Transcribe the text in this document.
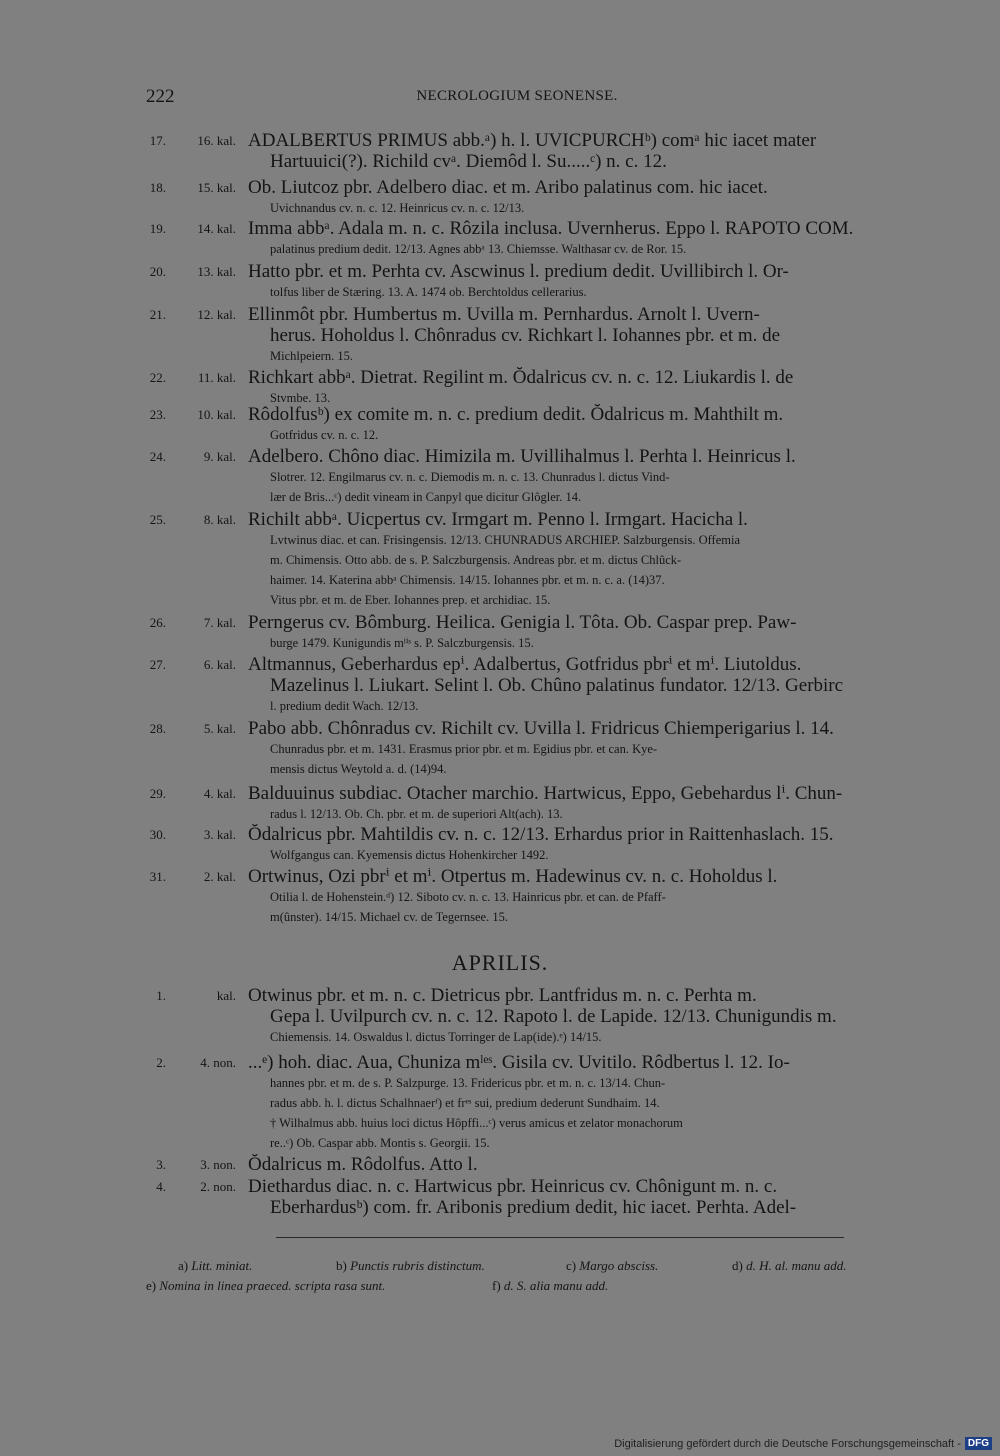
222	NECROLOGIUM SEONENSE.
17.	16. kal. ADALBERTUS PRIMUS abb.ᵃ) h. l. UVICPURCHᵇ) comᵃ hic iacet mater
Hartuuici(?). Richild cvᵃ. Diemôd l. Su.....ᶜ) n. c. 12.
18.	15. kal. Ob. Liutcoz pbr. Adelbero diac. et m. Aribo palatinus com. hic iacet.
Uvichnandus cv. n. c. 12. Heinricus cv. n. c. 12/13.
19.	14. kal. Imma abbᵃ. Adala m. n. c. Rôzila inclusa. Uvernherus. Eppo l. RAPOTO COM.
palatinus predium dedit. 12/13. Agnes abbᵃ 13. Chiemsse. Walthasar cv. de Ror. 15.
20.	13. kal. Hatto pbr. et m. Perhta cv. Ascwinus l. predium dedit. Uvillibirch l. Or-
tolfus liber de Stæring. 13. A. 1474 ob. Berchtoldus cellerarius.
21.	12. kal. Ellinmôt pbr. Humbertus m. Uvilla m. Pernhardus. Arnolt l. Uvern-
herus. Hoholdus l. Chônradus cv. Richkart l. Iohannes pbr. et m. de
Michlpeiern. 15.
22.	11. kal. Richkart abbᵃ. Dietrat. Regilint m. Ŏdalricus cv. n. c. 12. Liukardis l. de
Stvmbe. 13.
23.	10. kal. Rôdolfusᵇ) ex comite m. n. c. predium dedit. Ŏdalricus m. Mahthilt m.
Gotfridus cv. n. c. 12.
24.	9. kal. Adelbero. Chôno diac. Himizila m. Uvillihalmus l. Perhta l. Heinricus l.
Slotrer. 12. Engilmarus cv. n. c. Diemodis m. n. c. 13. Chunradus l. dictus Vind-
lær de Bris...ᶜ) dedit vineam in Canpyl que dicitur Glôgler. 14.
25.	8. kal. Richilt abbᵃ. Uicpertus cv. Irmgart m. Penno l. Irmgart. Hacicha l.
Lvtwinus diac. et can. Frisingensis. 12/13. CHUNRADUS ARCHIEP. Salzburgensis. Offemia
m. Chimensis. Otto abb. de s. P. Salczburgensis. Andreas pbr. et m. dictus Chlûck-
haimer. 14. Katerina abbᵃ Chimensis. 14/15. Iohannes pbr. et m. n. c. a. (14)37.
Vitus pbr. et m. de Eber. Iohannes prep. et archidiac. 15.
26.	7. kal. Perngerus cv. Bômburg. Heilica. Genigia l. Tôta. Ob. Caspar prep. Paw-
burge 1479. Kunigundis mˡⁱˢ s. P. Salczburgensis. 15.
27.	6. kal. Altmannus, Geberhardus epⁱ. Adalbertus, Gotfridus pbrⁱ et mⁱ. Liutoldus.
Mazelinus l. Liukart. Selint l. Ob. Chûno palatinus fundator. 12/13. Gerbirc
l. predium dedit Wach. 12/13.
28.	5. kal. Pabo abb. Chônradus cv. Richilt cv. Uvilla l. Fridricus Chiemperigarius l. 14.
Chunradus pbr. et m. 1431. Erasmus prior pbr. et m. Egidius pbr. et can. Kye-
mensis dictus Weytold a. d. (14)94.
29.	4. kal. Balduuinus subdiac. Otacher marchio. Hartwicus, Eppo, Gebehardus lⁱ. Chun-
radus l. 12/13. Ob. Ch. pbr. et m. de superiori Alt(ach). 13.
30.	3. kal. Ŏdalricus pbr. Mahtildis cv. n. c. 12/13. Erhardus prior in Raittenhaslach. 15.
Wolfgangus can. Kyemensis dictus Hohenkircher 1492.
31.	2. kal. Ortwinus, Ozi pbrⁱ et mⁱ. Otpertus m. Hadewinus cv. n. c. Hoholdus l.
Otilia l. de Hohenstein.ᵈ) 12. Siboto cv. n. c. 13. Hainricus pbr. et can. de Pfaff-
m(ûnster). 14/15. Michael cv. de Tegernsee. 15.
APRILIS.
1.	kal. Otwinus pbr. et m. n. c. Dietricus pbr. Lantfridus m. n. c. Perhta m.
Gepa l. Uvilpurch cv. n. c. 12. Rapoto l. de Lapide. 12/13. Chunigundis m.
Chiemensis. 14. Oswaldus l. dictus Torringer de Lap(ide).ᵉ) 14/15.
2.	4. non. ...ᵉ) hoh. diac. Aua, Chuniza mˡᵉˢ. Gisila cv. Uvitilo. Rôdbertus l. 12. Io-
hannes pbr. et m. de s. P. Salzpurge. 13. Fridericus pbr. et m. n. c. 13/14. Chun-
radus abb. h. l. dictus Schalhnaerᶠ) et frᵉˢ sui, predium dederunt Sundhaim. 14.
† Wilhalmus abb. huius loci dictus Hôpffi...ᶜ) verus amicus et zelator monachorum
re..ᶜ) Ob. Caspar abb. Montis s. Georgii. 15.
3.	3. non. Ŏdalricus m. Rôdolfus. Atto l.
4.	2. non. Diethardus diac. n. c. Hartwicus pbr. Heinricus cv. Chônigunt m. n. c.
Eberhardusᵇ) com. fr. Aribonis predium dedit, hic iacet. Perhta. Adel-
a) Litt. miniat.	b) Punctis rubris distinctum.	c) Margo absciss.	d) d. H. al. manu add.
e) Nomina in linea praeced. scripta rasa sunt.	f) d. S. alia manu add.
Digitalisierung gefördert durch die Deutsche Forschungsgemeinschaft - DFG
